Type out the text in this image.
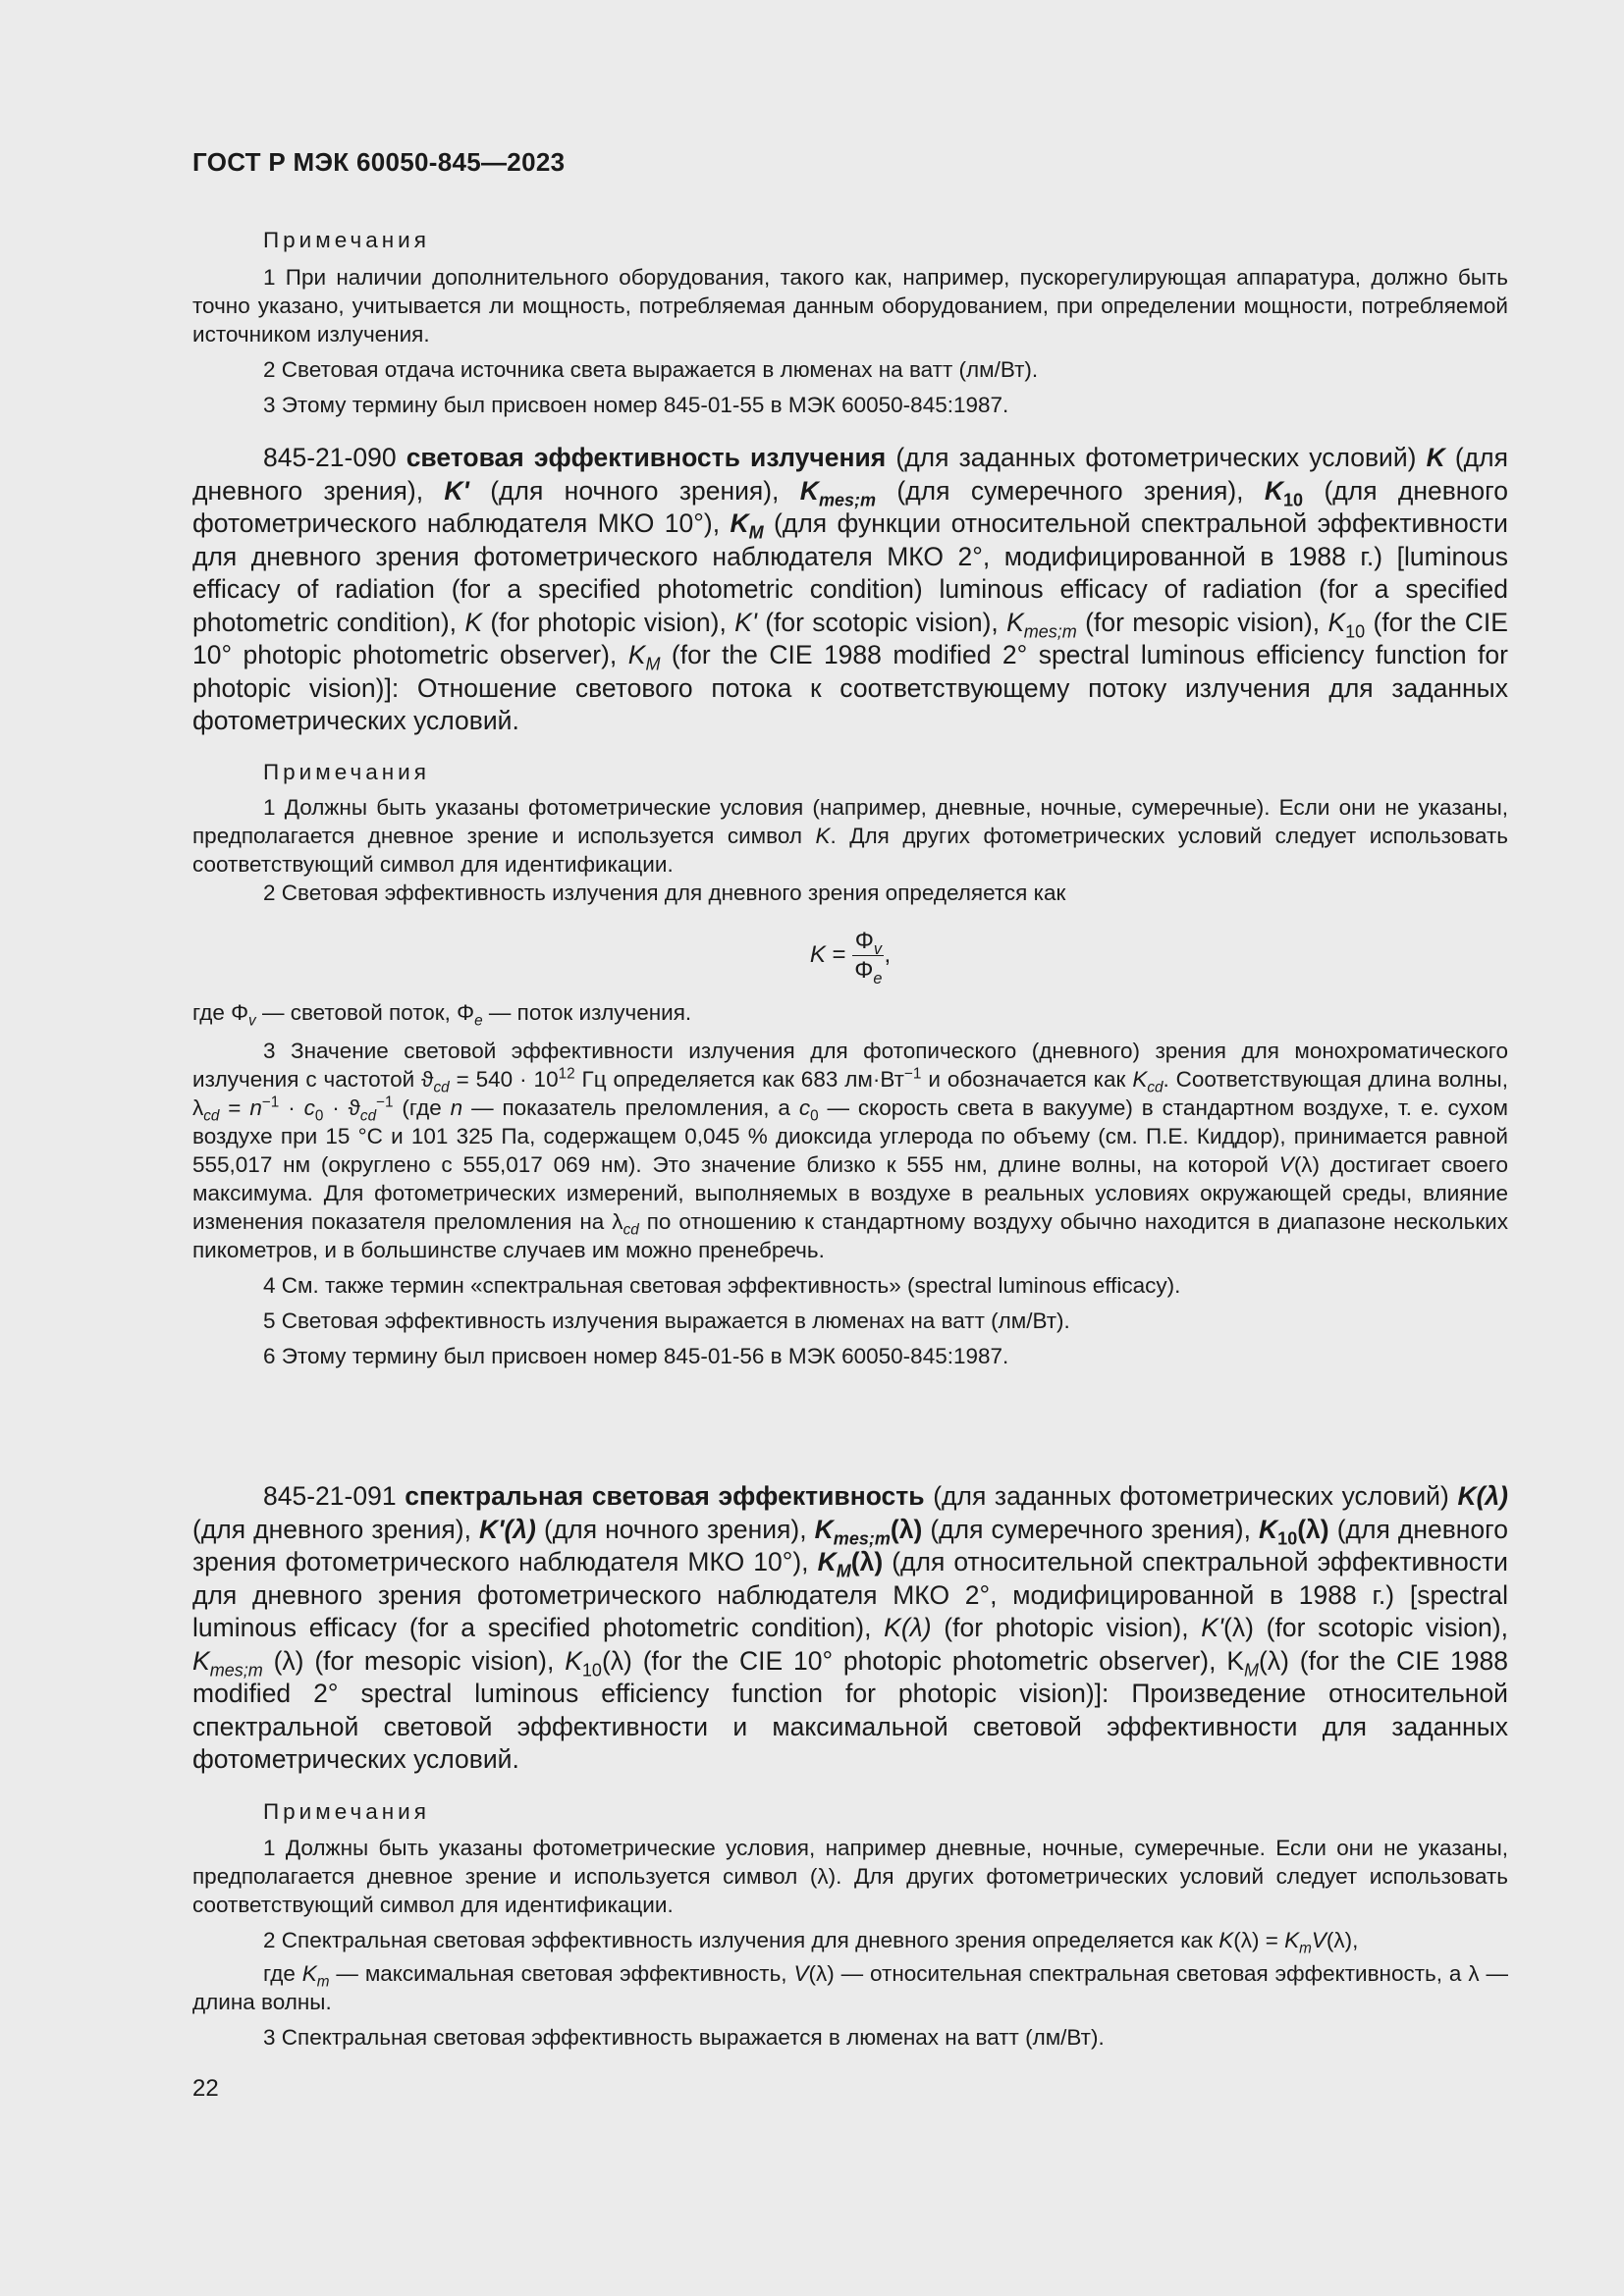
ГОСТ Р МЭК 60050-845—2023

Примечания

1 При наличии дополнительного оборудования, такого как, например, пускорегулирующая аппаратура, должно быть точно указано, учитывается ли мощность, потребляемая данным оборудованием, при определении мощности, потребляемой источником излучения.

2 Световая отдача источника света выражается в люменах на ватт (лм/Вт).

3 Этому термину был присвоен номер 845-01-55 в МЭК 60050-845:1987.

845-21-090 световая эффективность излучения (для заданных фотометрических условий) K (для дневного зрения), K' (для ночного зрения), $K_{mes;m}$ (для сумеречного зрения), $K_{10}$ (для дневного фотометрического наблюдателя МКО 10°), $K_M$ (для функции относительной спектральной эффективности для дневного зрения фотометрического наблюдателя МКО 2°, модифицированной в 1988 г.) [luminous efficacy of radiation (for a specified photometric condition) luminous efficacy of radiation (for a specified photometric condition), K (for photopic vision), K' (for scotopic vision), $K_{mes;m}$ (for mesopic vision), $K_{10}$ (for the CIE 10° photopic photometric observer), $K_M$ (for the CIE 1988 modified 2° spectral luminous efficiency function for photopic vision)]: Отношение светового потока к соответствующему потоку излучения для заданных фотометрических условий.

Примечания

1 Должны быть указаны фотометрические условия (например, дневные, ночные, сумеречные). Если они не указаны, предполагается дневное зрение и используется символ K. Для других фотометрических условий следует использовать соответствующий символ для идентификации.

2 Световая эффективность излучения для дневного зрения определяется как

$K = \frac{\Phi_v}{\Phi_e}$ ,

где $\Phi_v$ — световой поток, $\Phi_e$ — поток излучения.

3 Значение световой эффективности излучения для фотопического (дневного) зрения для монохроматического излучения с частотой $ϑ_{cd} = 540 \cdot 10^{12}$ Гц определяется как 683 $лм\cdot Вт^{-1}$ и обозначается как $K_{cd}$. Соответствующая длина волны, $\lambda_{cd} = n^{-1} \cdot c_0 \cdot ϑ_{cd}^{-1}$ (где n — показатель преломления, а $c_0$ — скорость света в вакууме) в стандартном воздухе, т. е. сухом воздухе при 15 °С и 101 325 Па, содержащем 0,045 % диоксида углерода по объему (см. П.Е. Киддор), принимается равной 555,017 нм (округлено с 555,017 069 нм). Это значение близко к 555 нм, длине волны, на которой V(λ) достигает своего максимума. Для фотометрических измерений, выполняемых в воздухе в реальных условиях окружающей среды, влияние изменения показателя преломления на $\lambda_{cd}$ по отношению к стандартному воздуху обычно находится в диапазоне нескольких пикометров, и в большинстве случаев им можно пренебречь.

4 См. также термин «спектральная световая эффективность» (spectral luminous efficacy).

5 Световая эффективность излучения выражается в люменах на ватт (лм/Вт).

6 Этому термину был присвоен номер 845-01-56 в МЭК 60050-845:1987.

845-21-091 спектральная световая эффективность (для заданных фотометрических условий) K(λ) (для дневного зрения), K'(λ) (для ночного зрения), $K_{mes;m}(\lambda)$ (для сумеречного зрения), $K_{10}(\lambda)$ (для дневного зрения фотометрического наблюдателя МКО 10°), $K_M(\lambda)$ (для относительной спектральной эффективности для дневного зрения фотометрического наблюдателя МКО 2°, модифицированной в 1988 г.) [spectral luminous efficacy (for a specified photometric condition), K(λ) (for photopic vision), K'(λ) (for scotopic vision), $K_{mes;m}$ (λ) (for mesopic vision), $K_{10}(\lambda)$ (for the CIE 10° photopic photometric observer), $K_M(\lambda)$ (for the CIE 1988 modified 2° spectral luminous efficiency function for photopic vision)]: Произведение относительной спектральной световой эффективности и максимальной световой эффективности для заданных фотометрических условий.

Примечания

1 Должны быть указаны фотометрические условия, например дневные, ночные, сумеречные. Если они не указаны, предполагается дневное зрение и используется символ (λ). Для других фотометрических условий следует использовать соответствующий символ для идентификации.

2 Спектральная световая эффективность излучения для дневного зрения определяется как $K(\lambda) = K_mV(\lambda)$,

где $K_m$ — максимальная световая эффективность, V(λ) — относительная спектральная световая эффективность, а λ — длина волны.

3 Спектральная световая эффективность выражается в люменах на ватт (лм/Вт).

22
